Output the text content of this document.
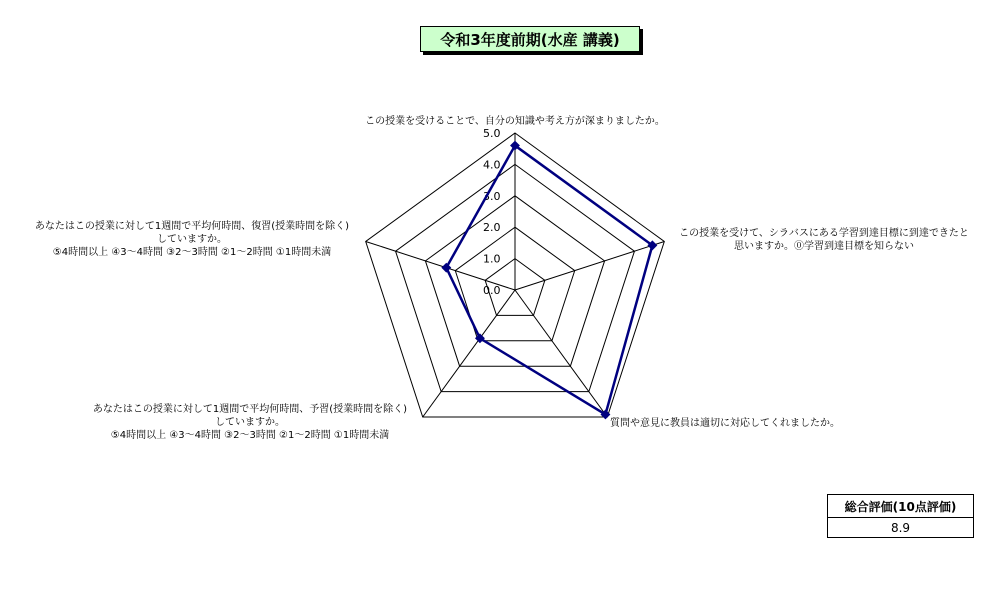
令和3年度前期(水産 講義)
0.0
1.0
2.0
3.0
4.0
5.0
この授業を受けることで、自分の知識や考え方が深まりましたか。
この授業を受けて、シラバスにある学習到達目標に到達できたと
思いますか。⓪学習到達目標を知らない
質問や意見に教員は適切に対応してくれましたか。
あなたはこの授業に対して1週間で平均何時間、予習(授業時間を除く)
していますか。
⑤4時間以上 ④3〜4時間 ③2〜3時間 ②1〜2時間 ①1時間未満
あなたはこの授業に対して1週間で平均何時間、復習(授業時間を除く)
していますか。
⑤4時間以上 ④3〜4時間 ③2〜3時間 ②1〜2時間 ①1時間未満
総合評価(10点評価)
8.9
